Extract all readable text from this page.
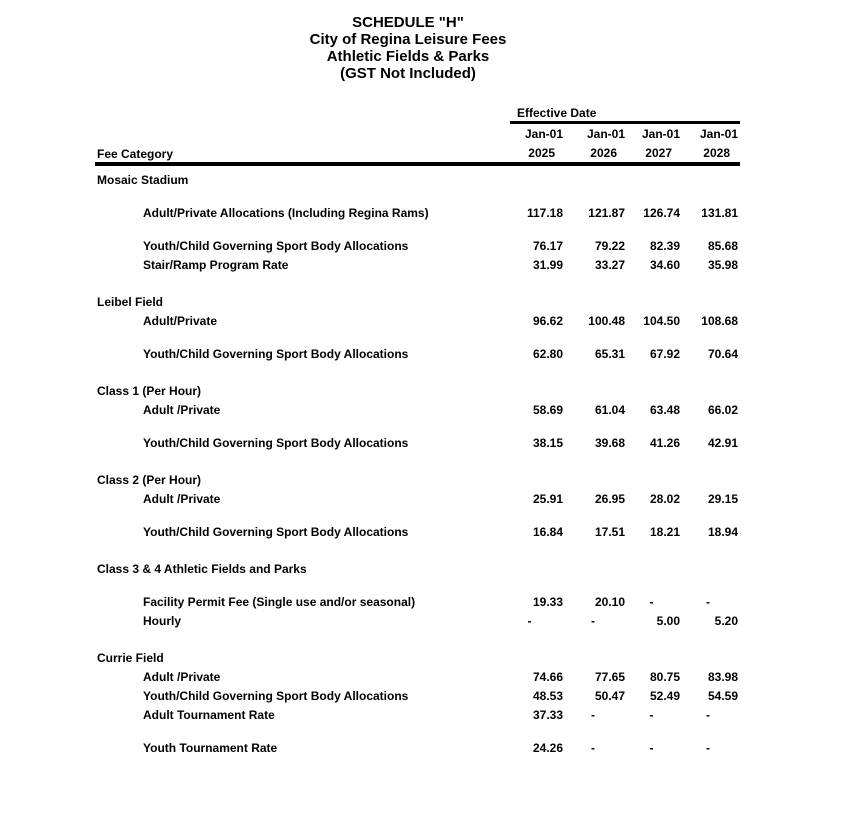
SCHEDULE "H"
City of Regina Leisure Fees
Athletic Fields & Parks
(GST Not Included)
Effective Date
Jan-01	Jan-01	Jan-01	Jan-01
Fee Category	2025	2026	2027	2028
Mosaic Stadium
Adult/Private Allocations (Including Regina Rams)	117.18	121.87	126.74	131.81
Youth/Child Governing Sport Body Allocations	76.17	79.22	82.39	85.68
Stair/Ramp Program Rate	31.99	33.27	34.60	35.98
Leibel Field
Adult/Private	96.62	100.48	104.50	108.68
Youth/Child Governing Sport Body Allocations	62.80	65.31	67.92	70.64
Class 1 (Per Hour)
Adult /Private	58.69	61.04	63.48	66.02
Youth/Child Governing Sport Body Allocations	38.15	39.68	41.26	42.91
Class 2 (Per Hour)
Adult /Private	25.91	26.95	28.02	29.15
Youth/Child Governing Sport Body Allocations	16.84	17.51	18.21	18.94
Class 3 & 4 Athletic Fields and Parks
Facility Permit Fee (Single use and/or seasonal)	19.33	20.10	-	-
Hourly	-	-	5.00	5.20
Currie Field
Adult /Private	74.66	77.65	80.75	83.98
Youth/Child Governing Sport Body Allocations	48.53	50.47	52.49	54.59
Adult Tournament Rate	37.33	-	-	-
Youth Tournament Rate	24.26	-	-	-
